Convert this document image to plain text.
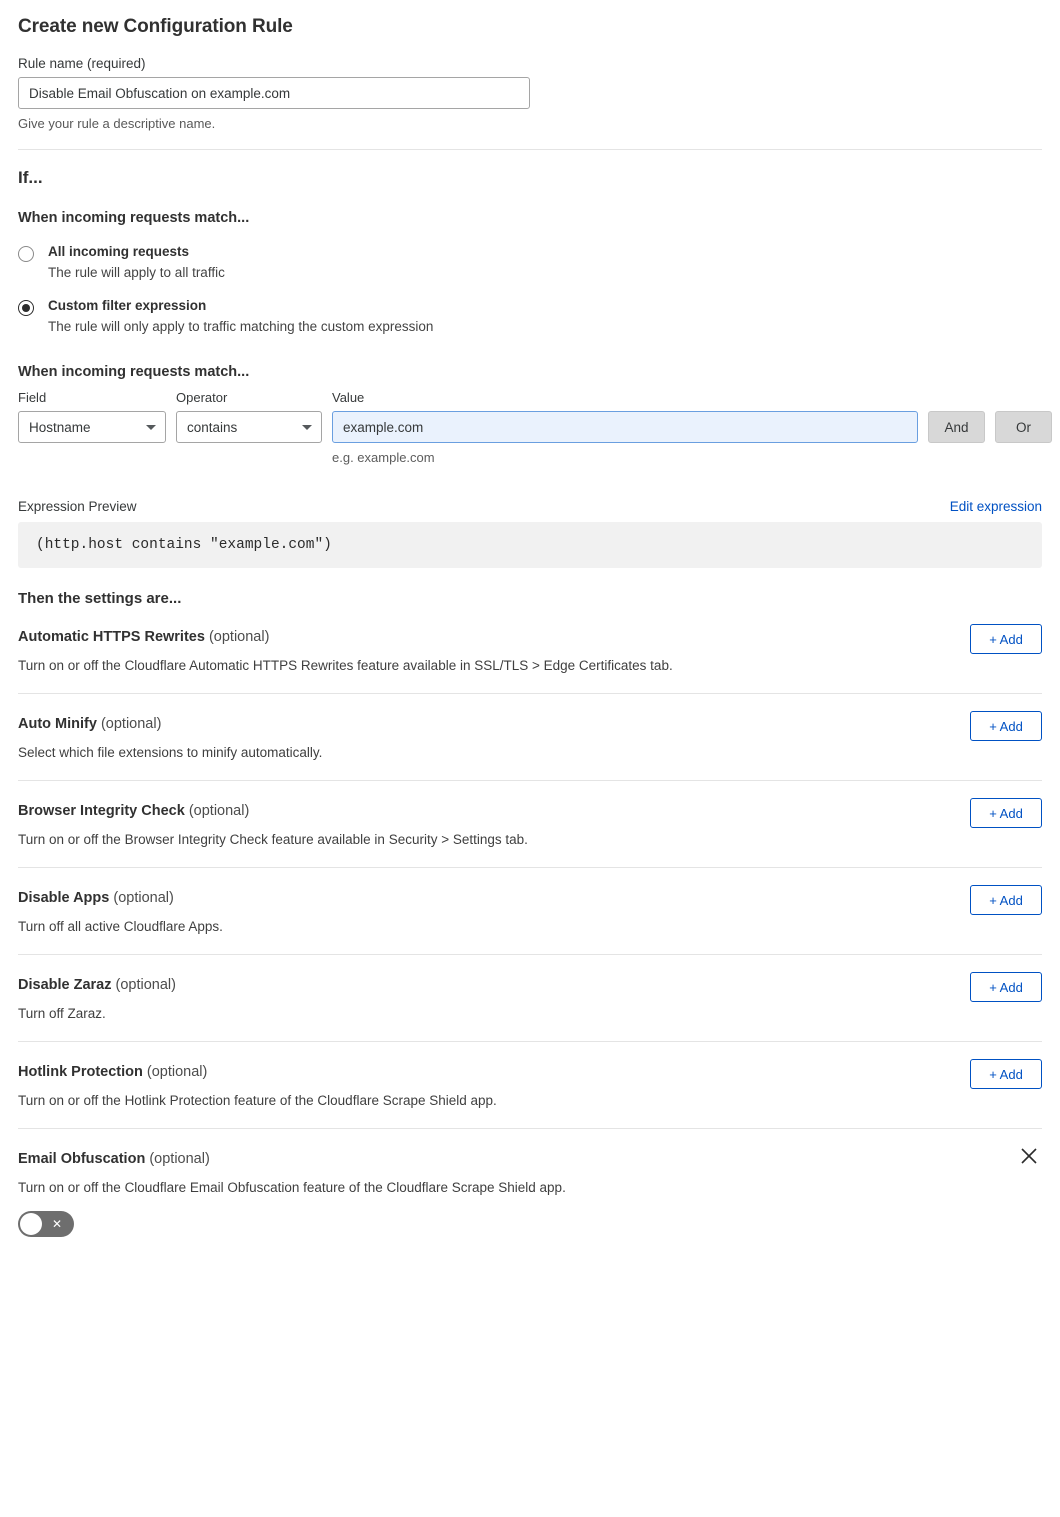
Create new Configuration Rule
Rule name (required)
Disable Email Obfuscation on example.com
Give your rule a descriptive name.
If...
When incoming requests match...
All incoming requests
The rule will apply to all traffic
Custom filter expression
The rule will only apply to traffic matching the custom expression
When incoming requests match...
Field
Hostname
Operator
contains
Value
example.com
e.g. example.com

And
	Or
Expression Preview	Edit expression
(http.host contains "example.com")
Then the settings are...
Automatic HTTPS Rewrites (optional)
Turn on or off the Cloudflare Automatic HTTPS Rewrites feature available in SSL/TLS > Edge Certificates tab.
+ Add
Auto Minify (optional)
Select which file extensions to minify automatically.
+ Add
Browser Integrity Check (optional)
Turn on or off the Browser Integrity Check feature available in Security > Settings tab.
+ Add
Disable Apps (optional)
Turn off all active Cloudflare Apps.
+ Add
Disable Zaraz (optional)
Turn off Zaraz.
+ Add
Hotlink Protection (optional)
Turn on or off the Hotlink Protection feature of the Cloudflare Scrape Shield app.
+ Add
Email Obfuscation (optional)
Turn on or off the Cloudflare Email Obfuscation feature of the Cloudflare Scrape Shield app.
✕
